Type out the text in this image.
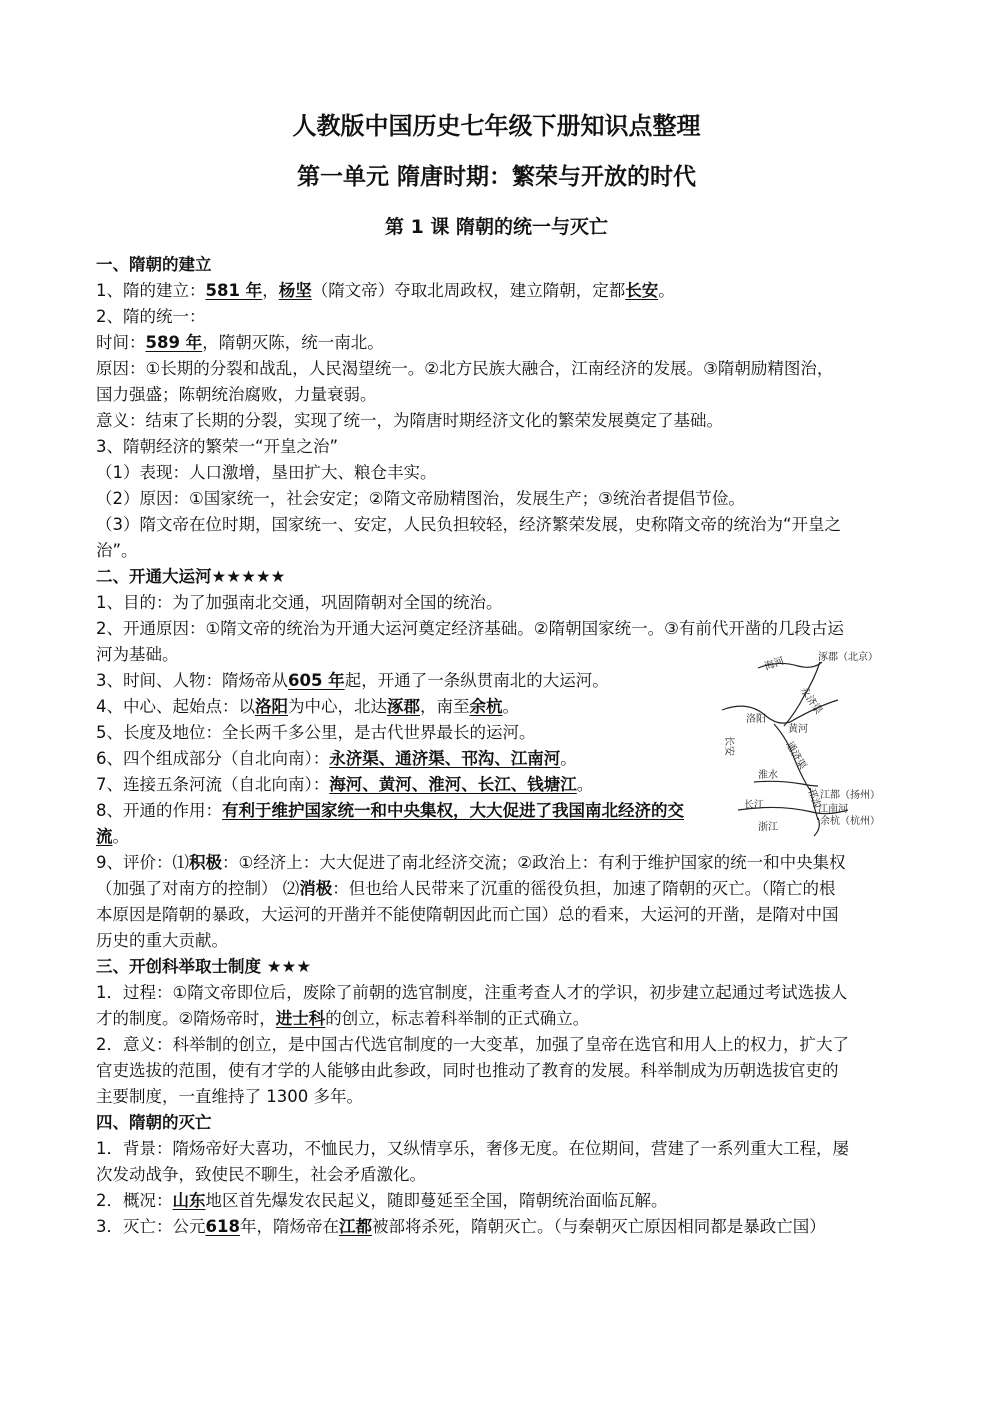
人教版中国历史七年级下册知识点整理
第一单元 隋唐时期：繁荣与开放的时代
第 1 课 隋朝的统一与灭亡
一、隋朝的建立
1、隋的建立：581 年，杨坚（隋文帝）夺取北周政权，建立隋朝，定都长安。
2、隋的统一：
时间：589 年，隋朝灭陈，统一南北。
原因：①长期的分裂和战乱，人民渴望统一。②北方民族大融合，江南经济的发展。③隋朝励精图治，
国力强盛；陈朝统治腐败，力量衰弱。
意义：结束了长期的分裂，实现了统一，为隋唐时期经济文化的繁荣发展奠定了基础。
3、隋朝经济的繁荣一“开皇之治”
（1）表现：人口激增，垦田扩大、粮仓丰实。
（2）原因：①国家统一，社会安定；②隋文帝励精图治，发展生产；③统治者提倡节俭。
（3）隋文帝在位时期，国家统一、安定，人民负担较轻，经济繁荣发展，史称隋文帝的统治为“开皇之
治”。
二、开通大运河★★★★★
1、目的：为了加强南北交通，巩固隋朝对全国的统治。
2、开通原因：①隋文帝的统治为开通大运河奠定经济基础。②隋朝国家统一。③有前代开凿的几段古运
河为基础。
3、时间、人物：隋炀帝从605 年起，开通了一条纵贯南北的大运河。
4、中心、起始点：以洛阳为中心，北达涿郡，南至余杭。
5、长度及地位：全长两千多公里，是古代世界最长的运河。
6、四个组成部分（自北向南）：永济渠、通济渠、邗沟、江南河。
7、连接五条河流（自北向南）：海河、黄河、淮河、长江、钱塘江。
8、开通的作用：有利于维护国家统一和中央集权，大大促进了我国南北经济的交
流。
9、评价：⑴积极：①经济上：大大促进了南北经济交流；②政治上：有利于维护国家的统一和中央集权
（加强了对南方的控制） ⑵消极：但也给人民带来了沉重的徭役负担，加速了隋朝的灭亡。（隋亡的根
本原因是隋朝的暴政，大运河的开凿并不能使隋朝因此而亡国）总的看来，大运河的开凿，是隋对中国
历史的重大贡献。
三、开创科举取士制度 ★★★
1．过程：①隋文帝即位后，废除了前朝的选官制度，注重考查人才的学识，初步建立起通过考试选拔人
才的制度。②隋炀帝时，进士科的创立，标志着科举制的正式确立。
2．意义：科举制的创立，是中国古代选官制度的一大变革，加强了皇帝在选官和用人上的权力，扩大了
官吏选拔的范围，使有才学的人能够由此参政，同时也推动了教育的发展。科举制成为历朝选拔官吏的
主要制度，一直维持了 1300 多年。
四、隋朝的灭亡
1．背景：隋炀帝好大喜功，不恤民力，又纵情享乐，奢侈无度。在位期间，营建了一系列重大工程，屡
次发动战争，致使民不聊生，社会矛盾激化。
2．概况：山东地区首先爆发农民起义，随即蔓延至全国，隋朝统治面临瓦解。
3．灭亡：公元618年，隋炀帝在江都被部将杀死，隋朝灭亡。（与秦朝灭亡原因相同都是暴政亡国）
海河	涿郡（北京）
永济渠
洛阳
黄河
长安	通济渠
淮水
江都（扬州）
邗沟
长江	江南河
浙江
余杭（杭州）
